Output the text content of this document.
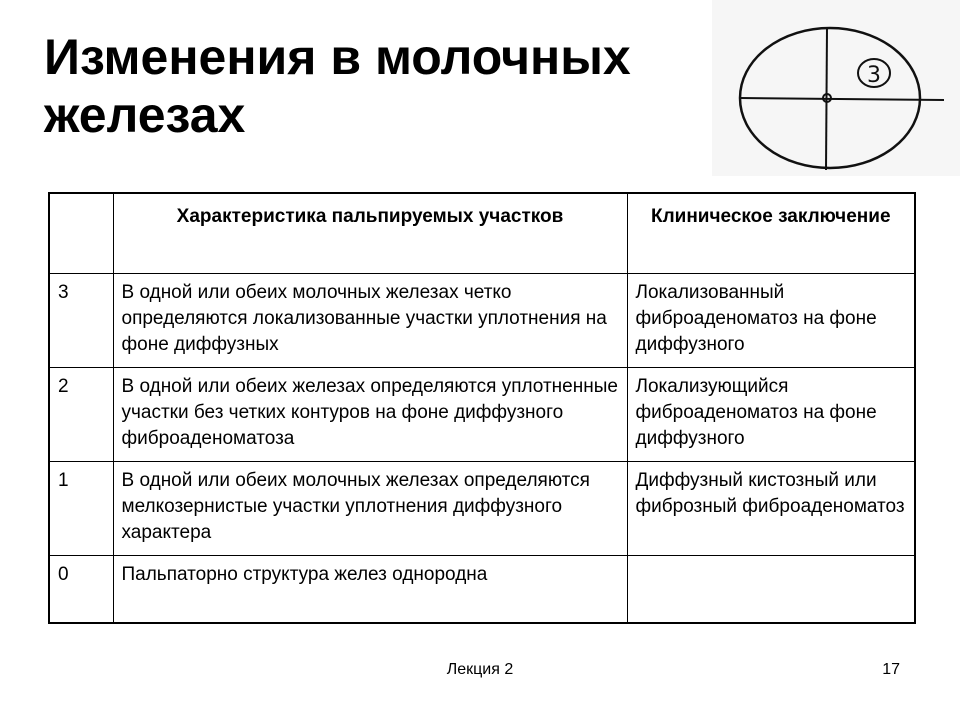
Изменения в молочных
железах
3
	Характеристика пальпируемых участков	Клиническое заключение
3	В одной или обеих молочных железах четко определяются локализованные участки уплотнения на фоне диффузных	Локализованный фиброаденоматоз на фоне диффузного
2	В одной или обеих железах определяются уплотненные участки без четких контуров на фоне диффузного фиброаденоматоза	Локализующийся фиброаденоматоз на фоне диффузного
1	В одной или обеих молочных железах определяются мелкозернистые участки уплотнения диффузного характера	Диффузный кистозный или фиброзный фиброаденоматоз
0	Пальпаторно структура желез однородна	
Лекция 2	17
